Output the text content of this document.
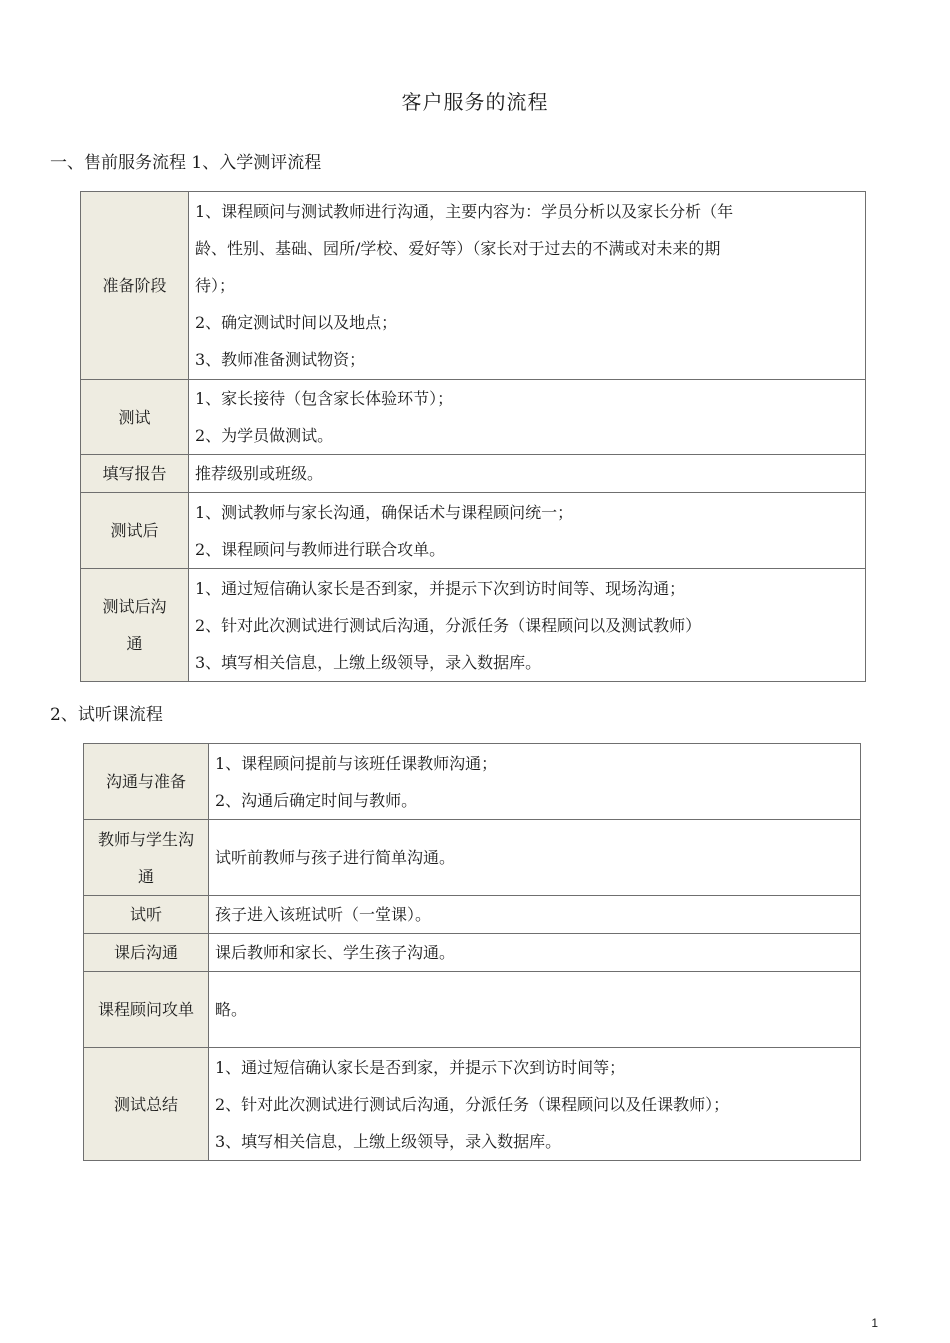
客户服务的流程
一、售前服务流程 1、入学测评流程
准备阶段	1、课程顾问与测试教师进行沟通，主要内容为：学员分析以及家长分析（年
龄、性别、基础、园所/学校、爱好等）（家长对于过去的不满或对未来的期
待）；
2、确定测试时间以及地点；
3、教师准备测试物资；

测试	1、家长接待（包含家长体验环节）；
2、为学员做测试。

填写报告	推荐级别或班级。

测试后	1、测试教师与家长沟通，确保话术与课程顾问统一；
2、课程顾问与教师进行联合攻单。

测试后沟通	1、通过短信确认家长是否到家，并提示下次到访时间等、现场沟通；
2、针对此次测试进行测试后沟通，分派任务（课程顾问以及测试教师）
3、填写相关信息，上缴上级领导，录入数据库。
2、试听课流程
沟通与准备	1、课程顾问提前与该班任课教师沟通；
2、沟通后确定时间与教师。

教师与学生沟通	试听前教师与孩子进行简单沟通。

试听	孩子进入该班试听（一堂课）。

课后沟通	课后教师和家长、学生孩子沟通。

课程顾问攻单	略。

测试总结	1、通过短信确认家长是否到家，并提示下次到访时间等；
2、针对此次测试进行测试后沟通，分派任务（课程顾问以及任课教师）；
3、填写相关信息，上缴上级领导，录入数据库。
1
